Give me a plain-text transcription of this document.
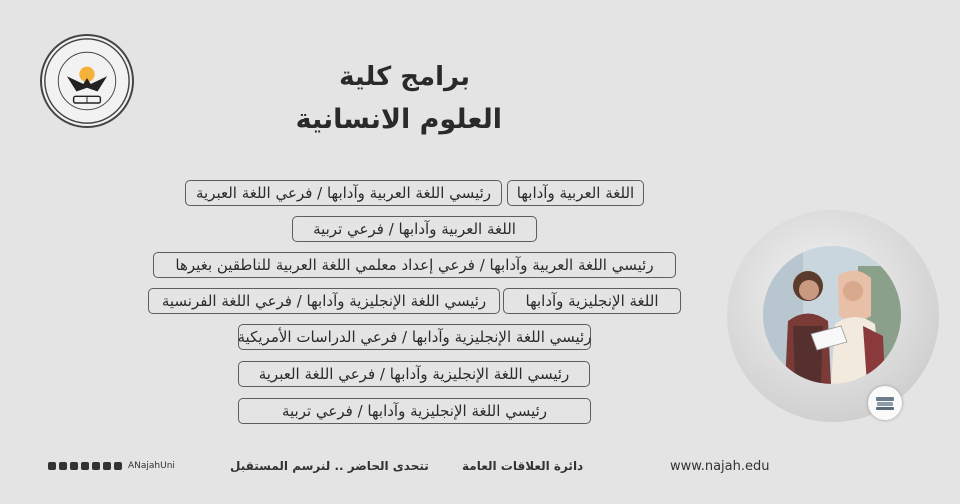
برامج كلية
العلوم الانسانية
اللغة العربية وآدابها
رئيسي اللغة العربية وآدابها / فرعي اللغة العبرية
اللغة العربية وآدابها / فرعي تربية
رئيسي اللغة العربية وآدابها / فرعي إعداد معلمي اللغة العربية للناطقين بغيرها
اللغة الإنجليزية وآدابها
رئيسي اللغة الإنجليزية وآدابها / فرعي اللغة الفرنسية
رئيسي اللغة الإنجليزية وآدابها / فرعي الدراسات الأمريكية
رئيسي اللغة الإنجليزية وآدابها / فرعي اللغة العبرية
رئيسي اللغة الإنجليزية وآدابها / فرعي تربية
ANajahUni	تتحدى الحاضر .. لنرسم المستقبل	دائرة العلاقات العامة	www.najah.edu
